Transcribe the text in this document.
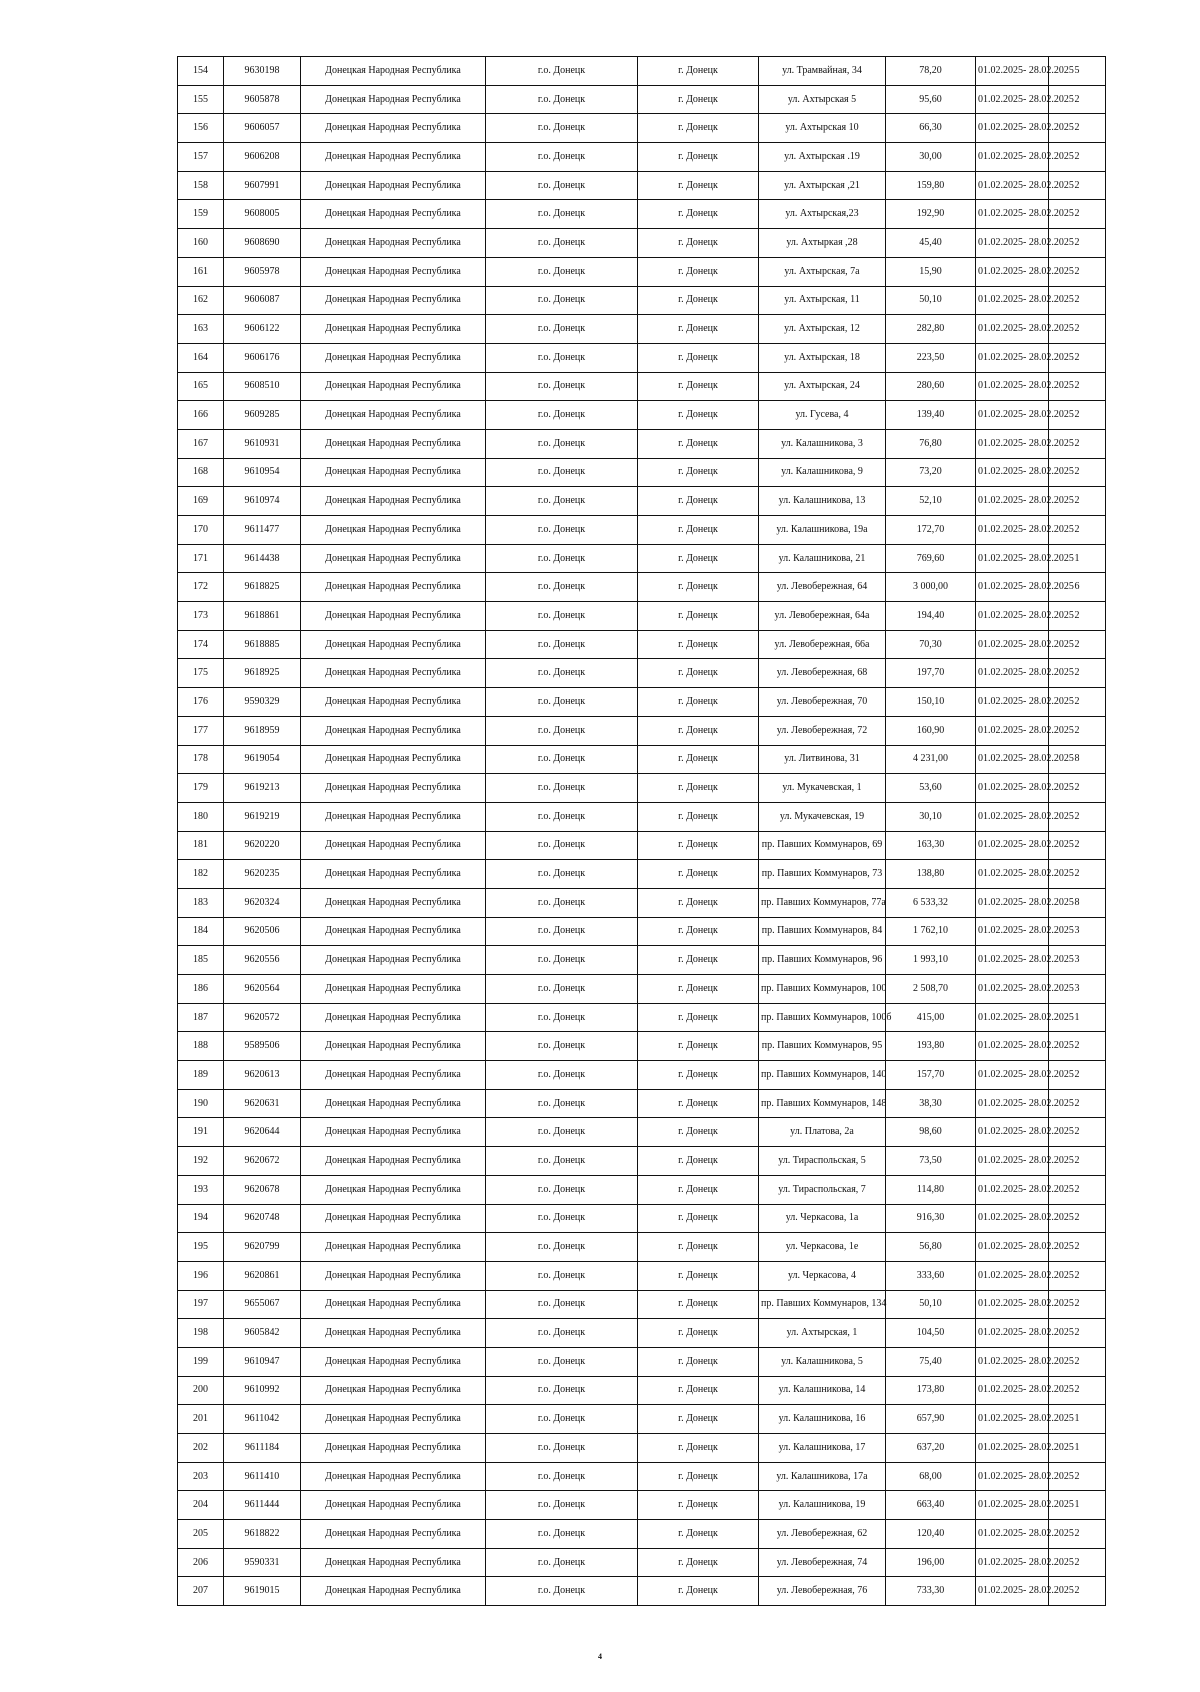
154	9630198	Донецкая Народная Республика	г.о. Донецк	г. Донецк	ул. Трамвайная, 34	78,20	01.02.2025- 28.02.2025	5
155	9605878	Донецкая Народная Республика	г.о. Донецк	г. Донецк	ул. Ахтырская 5	95,60	01.02.2025- 28.02.2025	2
156	9606057	Донецкая Народная Республика	г.о. Донецк	г. Донецк	ул. Ахтырская 10	66,30	01.02.2025- 28.02.2025	2
157	9606208	Донецкая Народная Республика	г.о. Донецк	г. Донецк	ул. Ахтырская .19	30,00	01.02.2025- 28.02.2025	2
158	9607991	Донецкая Народная Республика	г.о. Донецк	г. Донецк	ул. Ахтырская ,21	159,80	01.02.2025- 28.02.2025	2
159	9608005	Донецкая Народная Республика	г.о. Донецк	г. Донецк	ул. Ахтырская,23	192,90	01.02.2025- 28.02.2025	2
160	9608690	Донецкая Народная Республика	г.о. Донецк	г. Донецк	ул. Ахтыркая ,28	45,40	01.02.2025- 28.02.2025	2
161	9605978	Донецкая Народная Республика	г.о. Донецк	г. Донецк	ул. Ахтырская, 7а	15,90	01.02.2025- 28.02.2025	2
162	9606087	Донецкая Народная Республика	г.о. Донецк	г. Донецк	ул. Ахтырская, 11	50,10	01.02.2025- 28.02.2025	2
163	9606122	Донецкая Народная Республика	г.о. Донецк	г. Донецк	ул. Ахтырская, 12	282,80	01.02.2025- 28.02.2025	2
164	9606176	Донецкая Народная Республика	г.о. Донецк	г. Донецк	ул. Ахтырская, 18	223,50	01.02.2025- 28.02.2025	2
165	9608510	Донецкая Народная Республика	г.о. Донецк	г. Донецк	ул. Ахтырская, 24	280,60	01.02.2025- 28.02.2025	2
166	9609285	Донецкая Народная Республика	г.о. Донецк	г. Донецк	ул. Гусева, 4	139,40	01.02.2025- 28.02.2025	2
167	9610931	Донецкая Народная Республика	г.о. Донецк	г. Донецк	ул. Калашникова, 3	76,80	01.02.2025- 28.02.2025	2
168	9610954	Донецкая Народная Республика	г.о. Донецк	г. Донецк	ул. Калашникова, 9	73,20	01.02.2025- 28.02.2025	2
169	9610974	Донецкая Народная Республика	г.о. Донецк	г. Донецк	ул. Калашникова, 13	52,10	01.02.2025- 28.02.2025	2
170	9611477	Донецкая Народная Республика	г.о. Донецк	г. Донецк	ул. Калашникова, 19а	172,70	01.02.2025- 28.02.2025	2
171	9614438	Донецкая Народная Республика	г.о. Донецк	г. Донецк	ул. Калашникова, 21	769,60	01.02.2025- 28.02.2025	1
172	9618825	Донецкая Народная Республика	г.о. Донецк	г. Донецк	ул. Левобережная, 64	3 000,00	01.02.2025- 28.02.2025	6
173	9618861	Донецкая Народная Республика	г.о. Донецк	г. Донецк	ул. Левобережная, 64а	194,40	01.02.2025- 28.02.2025	2
174	9618885	Донецкая Народная Республика	г.о. Донецк	г. Донецк	ул. Левобережная, 66а	70,30	01.02.2025- 28.02.2025	2
175	9618925	Донецкая Народная Республика	г.о. Донецк	г. Донецк	ул. Левобережная, 68	197,70	01.02.2025- 28.02.2025	2
176	9590329	Донецкая Народная Республика	г.о. Донецк	г. Донецк	ул. Левобережная, 70	150,10	01.02.2025- 28.02.2025	2
177	9618959	Донецкая Народная Республика	г.о. Донецк	г. Донецк	ул. Левобережная, 72	160,90	01.02.2025- 28.02.2025	2
178	9619054	Донецкая Народная Республика	г.о. Донецк	г. Донецк	ул. Литвинова, 31	4 231,00	01.02.2025- 28.02.2025	8
179	9619213	Донецкая Народная Республика	г.о. Донецк	г. Донецк	ул. Мукачевская, 1	53,60	01.02.2025- 28.02.2025	2
180	9619219	Донецкая Народная Республика	г.о. Донецк	г. Донецк	ул. Мукачевская, 19	30,10	01.02.2025- 28.02.2025	2
181	9620220	Донецкая Народная Республика	г.о. Донецк	г. Донецк	пр. Павших Коммунаров, 69	163,30	01.02.2025- 28.02.2025	2
182	9620235	Донецкая Народная Республика	г.о. Донецк	г. Донецк	пр. Павших Коммунаров, 73	138,80	01.02.2025- 28.02.2025	2
183	9620324	Донецкая Народная Республика	г.о. Донецк	г. Донецк	пр. Павших Коммунаров, 77а	6 533,32	01.02.2025- 28.02.2025	8
184	9620506	Донецкая Народная Республика	г.о. Донецк	г. Донецк	пр. Павших Коммунаров, 84	1 762,10	01.02.2025- 28.02.2025	3
185	9620556	Донецкая Народная Республика	г.о. Донецк	г. Донецк	пр. Павших Коммунаров, 96	1 993,10	01.02.2025- 28.02.2025	3
186	9620564	Донецкая Народная Республика	г.о. Донецк	г. Донецк	пр. Павших Коммунаров, 100	2 508,70	01.02.2025- 28.02.2025	3
187	9620572	Донецкая Народная Республика	г.о. Донецк	г. Донецк	пр. Павших Коммунаров, 100б	415,00	01.02.2025- 28.02.2025	1
188	9589506	Донецкая Народная Республика	г.о. Донецк	г. Донецк	пр. Павших Коммунаров, 95	193,80	01.02.2025- 28.02.2025	2
189	9620613	Донецкая Народная Республика	г.о. Донецк	г. Донецк	пр. Павших Коммунаров, 140	157,70	01.02.2025- 28.02.2025	2
190	9620631	Донецкая Народная Республика	г.о. Донецк	г. Донецк	пр. Павших Коммунаров, 148	38,30	01.02.2025- 28.02.2025	2
191	9620644	Донецкая Народная Республика	г.о. Донецк	г. Донецк	ул. Платова, 2а	98,60	01.02.2025- 28.02.2025	2
192	9620672	Донецкая Народная Республика	г.о. Донецк	г. Донецк	ул. Тираспольская, 5	73,50	01.02.2025- 28.02.2025	2
193	9620678	Донецкая Народная Республика	г.о. Донецк	г. Донецк	ул. Тираспольская, 7	114,80	01.02.2025- 28.02.2025	2
194	9620748	Донецкая Народная Республика	г.о. Донецк	г. Донецк	ул. Черкасова, 1а	916,30	01.02.2025- 28.02.2025	2
195	9620799	Донецкая Народная Республика	г.о. Донецк	г. Донецк	ул. Черкасова, 1е	56,80	01.02.2025- 28.02.2025	2
196	9620861	Донецкая Народная Республика	г.о. Донецк	г. Донецк	ул. Черкасова, 4	333,60	01.02.2025- 28.02.2025	2
197	9655067	Донецкая Народная Республика	г.о. Донецк	г. Донецк	пр. Павших Коммунаров, 134	50,10	01.02.2025- 28.02.2025	2
198	9605842	Донецкая Народная Республика	г.о. Донецк	г. Донецк	ул. Ахтырская, 1	104,50	01.02.2025- 28.02.2025	2
199	9610947	Донецкая Народная Республика	г.о. Донецк	г. Донецк	ул. Калашникова, 5	75,40	01.02.2025- 28.02.2025	2
200	9610992	Донецкая Народная Республика	г.о. Донецк	г. Донецк	ул. Калашникова, 14	173,80	01.02.2025- 28.02.2025	2
201	9611042	Донецкая Народная Республика	г.о. Донецк	г. Донецк	ул. Калашникова, 16	657,90	01.02.2025- 28.02.2025	1
202	9611184	Донецкая Народная Республика	г.о. Донецк	г. Донецк	ул. Калашникова, 17	637,20	01.02.2025- 28.02.2025	1
203	9611410	Донецкая Народная Республика	г.о. Донецк	г. Донецк	ул. Калашникова, 17а	68,00	01.02.2025- 28.02.2025	2
204	9611444	Донецкая Народная Республика	г.о. Донецк	г. Донецк	ул. Калашникова, 19	663,40	01.02.2025- 28.02.2025	1
205	9618822	Донецкая Народная Республика	г.о. Донецк	г. Донецк	ул. Левобережная, 62	120,40	01.02.2025- 28.02.2025	2
206	9590331	Донецкая Народная Республика	г.о. Донецк	г. Донецк	ул. Левобережная, 74	196,00	01.02.2025- 28.02.2025	2
207	9619015	Донецкая Народная Республика	г.о. Донецк	г. Донецк	ул. Левобережная, 76	733,30	01.02.2025- 28.02.2025	2
4
